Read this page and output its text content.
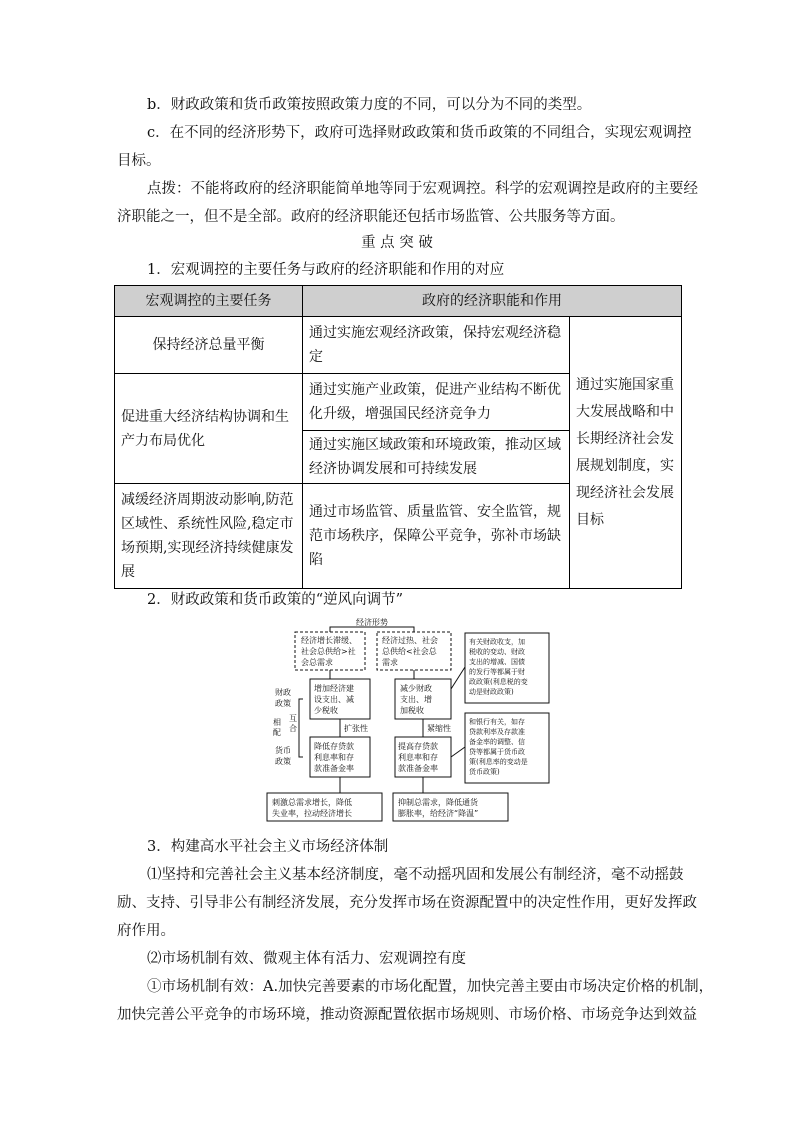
b．财政政策和货币政策按照政策力度的不同，可以分为不同的类型。
c．在不同的经济形势下，政府可选择财政政策和货币政策的不同组合，实现宏观调控
目标。
点拨：不能将政府的经济职能简单地等同于宏观调控。科学的宏观调控是政府的主要经
济职能之一，但不是全部。政府的经济职能还包括市场监管、公共服务等方面。
重 点 突 破
1．宏观调控的主要任务与政府的经济职能和作用的对应
宏观调控的主要任务	政府的经济职能和作用	
保持经济总量平衡	通过实施宏观经济政策，保持宏观经济稳定	通过实施国家重大发展战略和中长期经济社会发展规划制度，实现经济社会发展目标
促进重大经济结构协调和生产力布局优化	通过实施产业政策，促进产业结构不断优化升级，增强国民经济竞争力	
	通过实施区域政策和环境政策，推动区域经济协调发展和可持续发展	
减缓经济周期波动影响,防范区域性、系统性风险,稳定市场预期,实现经济持续健康发展	通过市场监管、质量监管、安全监管，规范市场秩序，保障公平竞争，弥补市场缺陷	
2．财政政策和货币政策的“逆风向调节”
经济形势
经济增长滞缓、
社会总供给>社
会总需求
经济过热、社会
总供给<社会总
需求
财政
政策
货币
政策
相
配
互
合	扩张性	紧缩性
增加经济建
设支出、减
少税收
减少财政
支出、增
加税收
降低存贷款
利息率和存
款准备金率
提高存贷款
利息率和存
款准备金率
有关财政收支，加
税收的变动、财政
支出的增减、国债
的发行等都属于财
政政策(利息税的变
动是财政政策)
和银行有关，如存
贷款利率及存款准
备金率的调整、信
贷等都属于货币政
策(利息率的变动是
货币政策)
刺激总需求增长，降低
失业率，拉动经济增长
抑制总需求，降低通货
膨胀率，给经济“降温”
3．构建高水平社会主义市场经济体制
⑴坚持和完善社会主义基本经济制度，毫不动摇巩固和发展公有制经济，毫不动摇鼓
励、支持、引导非公有制经济发展，充分发挥市场在资源配置中的决定性作用，更好发挥政
府作用。
⑵市场机制有效、微观主体有活力、宏观调控有度
①市场机制有效：A.加快完善要素的市场化配置，加快完善主要由市场决定价格的机制，
加快完善公平竞争的市场环境，推动资源配置依据市场规则、市场价格、市场竞争达到效益
